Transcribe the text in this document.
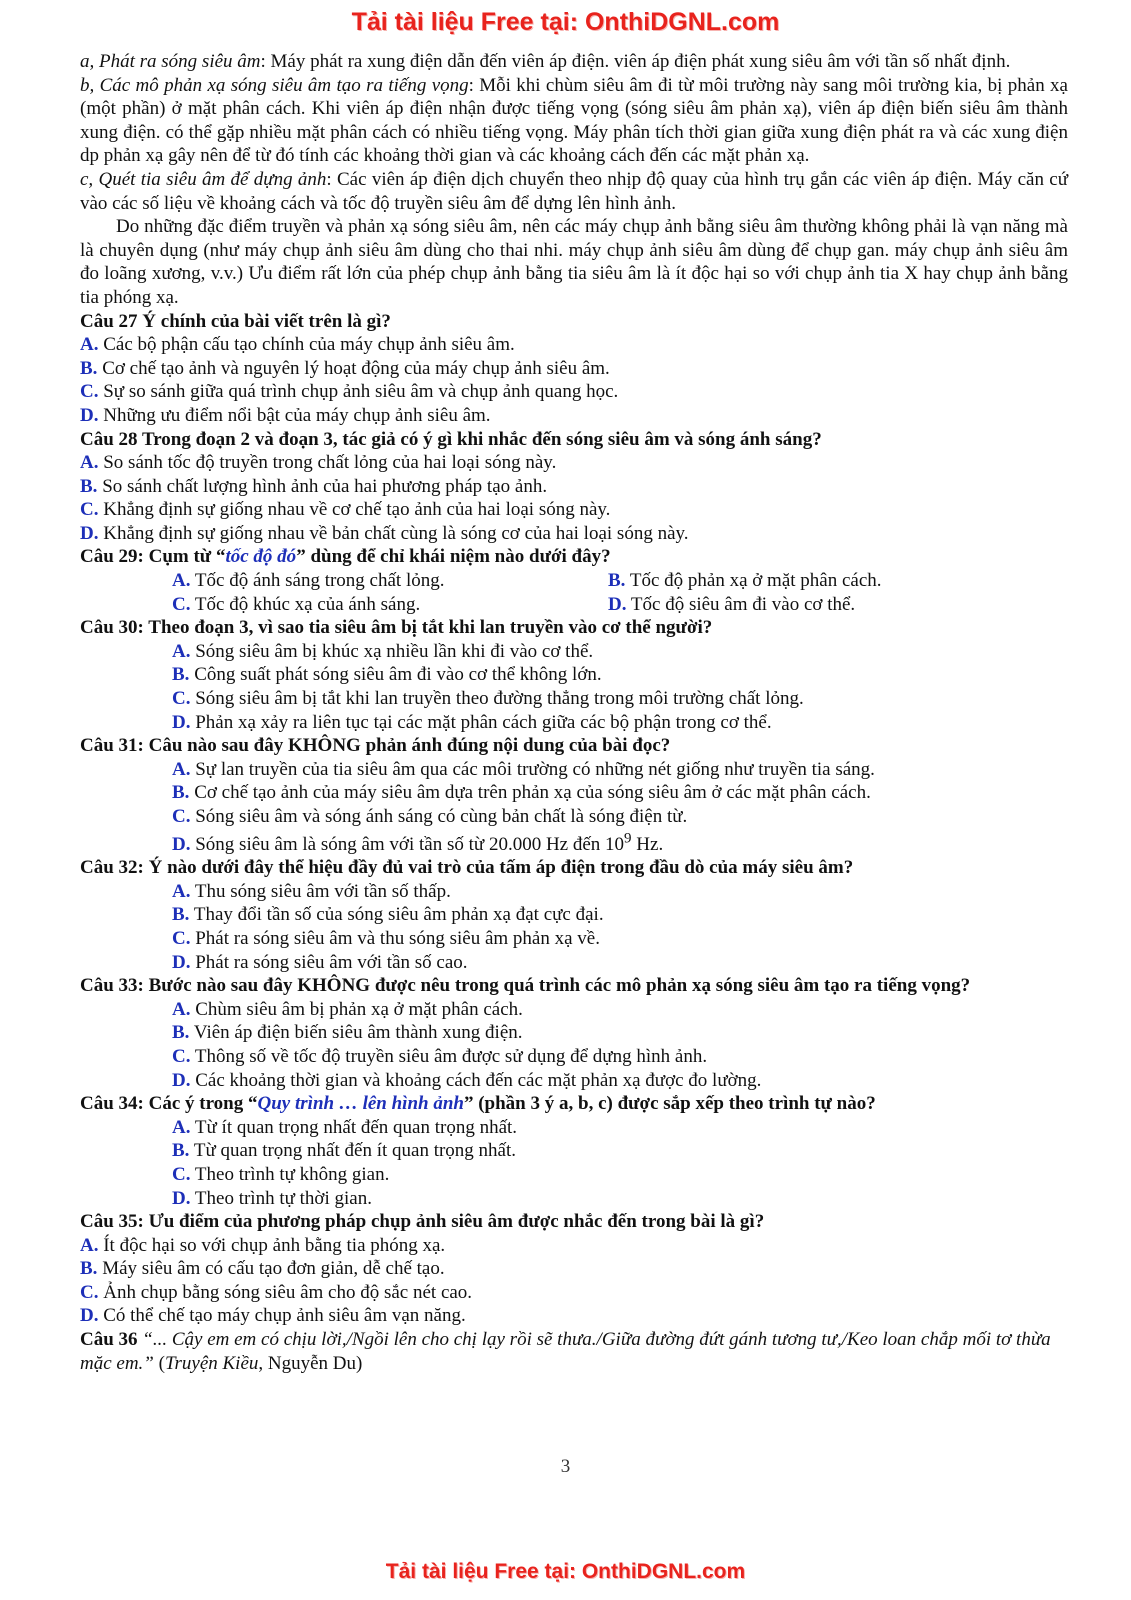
Tải tài liệu Free tại: OnthiDGNL.com

a, Phát ra sóng siêu âm: Máy phát ra xung điện dẫn đến viên áp điện. viên áp điện phát xung siêu âm với tần số nhất định.

b, Các mô phản xạ sóng siêu âm tạo ra tiếng vọng: Mỗi khi chùm siêu âm đi từ môi trường này sang môi trường kia, bị phản xạ (một phần) ở mặt phân cách. Khi viên áp điện nhận được tiếng vọng (sóng siêu âm phản xạ), viên áp điện biến siêu âm thành xung điện. có thể gặp nhiều mặt phân cách có nhiều tiếng vọng. Máy phân tích thời gian giữa xung điện phát ra và các xung điện dp phản xạ gây nên để từ đó tính các khoảng thời gian và các khoảng cách đến các mặt phản xạ.

c, Quét tia siêu âm để dựng ảnh: Các viên áp điện dịch chuyển theo nhịp độ quay của hình trụ gắn các viên áp điện. Máy căn cứ vào các số liệu về khoảng cách và tốc độ truyền siêu âm để dựng lên hình ảnh.

Do những đặc điểm truyền và phản xạ sóng siêu âm, nên các máy chụp ảnh bằng siêu âm thường không phải là vạn năng mà là chuyên dụng (như máy chụp ảnh siêu âm dùng cho thai nhi. máy chụp ảnh siêu âm dùng để chụp gan. máy chụp ảnh siêu âm đo loãng xương, v.v.) Ưu điểm rất lớn của phép chụp ảnh bằng tia siêu âm là ít độc hại so với chụp ảnh tia X hay chụp ảnh bằng tia phóng xạ.

Câu 27 Ý chính của bài viết trên là gì?

A. Các bộ phận cấu tạo chính của máy chụp ảnh siêu âm.

B. Cơ chế tạo ảnh và nguyên lý hoạt động của máy chụp ảnh siêu âm.

C. Sự so sánh giữa quá trình chụp ảnh siêu âm và chụp ảnh quang học.

D. Những ưu điểm nổi bật của máy chụp ảnh siêu âm.

Câu 28 Trong đoạn 2 và đoạn 3, tác giả có ý gì khi nhắc đến sóng siêu âm và sóng ánh sáng?

A. So sánh tốc độ truyền trong chất lỏng của hai loại sóng này.

B. So sánh chất lượng hình ảnh của hai phương pháp tạo ảnh.

C. Khẳng định sự giống nhau về cơ chế tạo ảnh của hai loại sóng này.

D. Khẳng định sự giống nhau về bản chất cùng là sóng cơ của hai loại sóng này.

Câu 29: Cụm từ “tốc độ đó” dùng để chỉ khái niệm nào dưới đây?

A. Tốc độ ánh sáng trong chất lỏng.	B. Tốc độ phản xạ ở mặt phân cách.
C. Tốc độ khúc xạ của ánh sáng.	D. Tốc độ siêu âm đi vào cơ thể.

Câu 30: Theo đoạn 3, vì sao tia siêu âm bị tắt khi lan truyền vào cơ thể người?

A. Sóng siêu âm bị khúc xạ nhiều lần khi đi vào cơ thể.

B. Công suất phát sóng siêu âm đi vào cơ thể không lớn.

C. Sóng siêu âm bị tắt khi lan truyền theo đường thẳng trong môi trường chất lỏng.

D. Phản xạ xảy ra liên tục tại các mặt phân cách giữa các bộ phận trong cơ thể.

Câu 31: Câu nào sau đây KHÔNG phản ánh đúng nội dung của bài đọc?

A. Sự lan truyền của tia siêu âm qua các môi trường có những nét giống như truyền tia sáng.

B. Cơ chế tạo ảnh của máy siêu âm dựa trên phản xạ của sóng siêu âm ở các mặt phân cách.

C. Sóng siêu âm và sóng ánh sáng có cùng bản chất là sóng điện từ.

D. Sóng siêu âm là sóng âm với tần số từ 20.000 Hz đến $10^9$ Hz.

Câu 32: Ý nào dưới đây thể hiệu đầy đủ vai trò của tấm áp điện trong đầu dò của máy siêu âm?

A. Thu sóng siêu âm với tần số thấp.

B. Thay đổi tần số của sóng siêu âm phản xạ đạt cực đại.

C. Phát ra sóng siêu âm và thu sóng siêu âm phản xạ về.

D. Phát ra sóng siêu âm với tần số cao.

Câu 33: Bước nào sau đây KHÔNG được nêu trong quá trình các mô phản xạ sóng siêu âm tạo ra tiếng vọng?

A. Chùm siêu âm bị phản xạ ở mặt phân cách.

B. Viên áp điện biến siêu âm thành xung điện.

C. Thông số về tốc độ truyền siêu âm được sử dụng để dựng hình ảnh.

D. Các khoảng thời gian và khoảng cách đến các mặt phản xạ được đo lường.

Câu 34: Các ý trong “Quy trình … lên hình ảnh” (phần 3 ý a, b, c) được sắp xếp theo trình tự nào?

A. Từ ít quan trọng nhất đến quan trọng nhất.

B. Từ quan trọng nhất đến ít quan trọng nhất.

C. Theo trình tự không gian.

D. Theo trình tự thời gian.

Câu 35: Ưu điểm của phương pháp chụp ảnh siêu âm được nhắc đến trong bài là gì?

A. Ít độc hại so với chụp ảnh bằng tia phóng xạ.

B. Máy siêu âm có cấu tạo đơn giản, dễ chế tạo.

C. Ảnh chụp bằng sóng siêu âm cho độ sắc nét cao.

D. Có thể chế tạo máy chụp ảnh siêu âm vạn năng.

Câu 36 “... Cậy em em có chịu lời,/Ngồi lên cho chị lạy rồi sẽ thưa./Giữa đường đứt gánh tương tư,/Keo loan chắp mối tơ thừa mặc em.” (Truyện Kiều, Nguyễn Du)

3
Tải tài liệu Free tại: OnthiDGNL.com
